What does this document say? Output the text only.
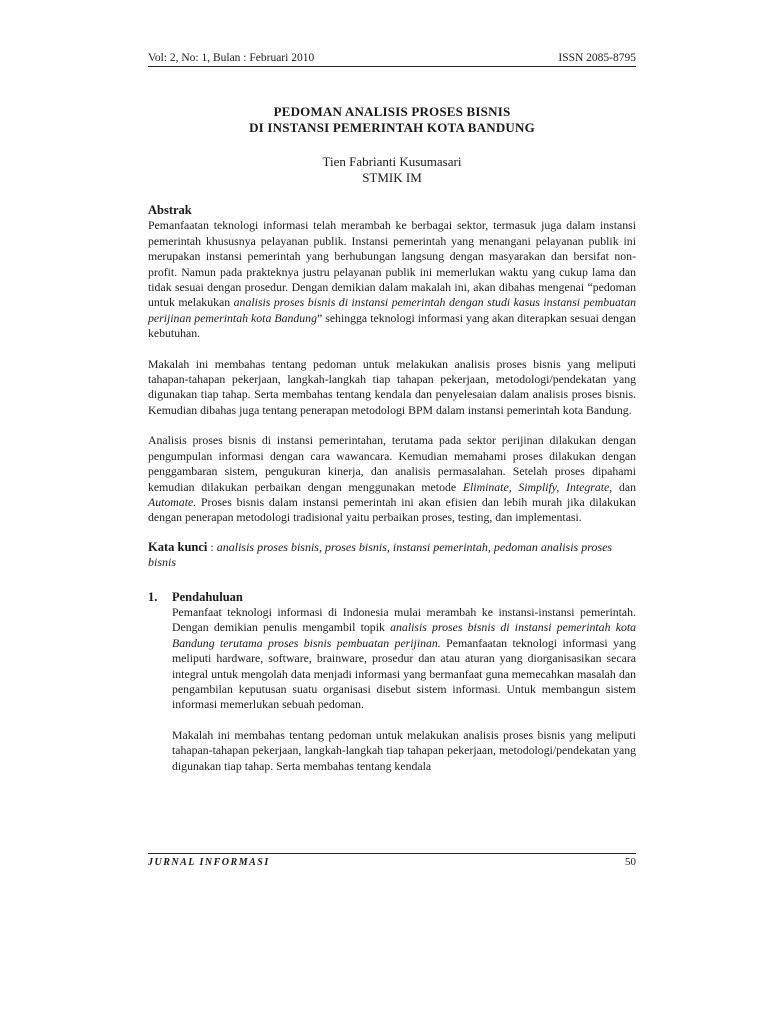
Vol: 2, No: 1, Bulan : Februari 2010	ISSN 2085-8795
PEDOMAN ANALISIS PROSES BISNIS
DI INSTANSI PEMERINTAH KOTA BANDUNG
Tien Fabrianti Kusumasari
STMIK IM
Abstrak

Pemanfaatan teknologi informasi telah merambah ke berbagai sektor, termasuk juga dalam instansi pemerintah khususnya pelayanan publik. Instansi pemerintah yang menangani pelayanan publik ini merupakan instansi pemerintah yang berhubungan langsung dengan masyarakan dan bersifat non-profit. Namun pada prakteknya justru pelayanan publik ini memerlukan waktu yang cukup lama dan tidak sesuai dengan prosedur. Dengan demikian dalam makalah ini, akan dibahas mengenai “pedoman untuk melakukan analisis proses bisnis di instansi pemerintah dengan studi kasus instansi pembuatan perijinan pemerintah kota Bandung” sehingga teknologi informasi yang akan diterapkan sesuai dengan kebutuhan.

Makalah ini membahas tentang pedoman untuk melakukan analisis proses bisnis yang meliputi tahapan-tahapan pekerjaan, langkah-langkah tiap tahapan pekerjaan, metodologi/pendekatan yang digunakan tiap tahap. Serta membahas tentang kendala dan penyelesaian dalam analisis proses bisnis. Kemudian dibahas juga tentang penerapan metodologi BPM dalam instansi pemerintah kota Bandung.

Analisis proses bisnis di instansi pemerintahan, terutama pada sektor perijinan dilakukan dengan pengumpulan informasi dengan cara wawancara. Kemudian memahami proses dilakukan dengan penggambaran sistem, pengukuran kinerja, dan analisis permasalahan. Setelah proses dipahami kemudian dilakukan perbaikan dengan menggunakan metode Eliminate, Simplify, Integrate, dan Automate. Proses bisnis dalam instansi pemerintah ini akan efisien dan lebih murah jika dilakukan dengan penerapan metodologi tradisional yaitu perbaikan proses, testing, dan implementasi.

Kata kunci : analisis proses bisnis, proses bisnis, instansi pemerintah, pedoman analisis proses bisnis
1.	Pendahuluan

Pemanfaat teknologi informasi di Indonesia mulai merambah ke instansi-instansi pemerintah. Dengan demikian penulis mengambil topik analisis proses bisnis di instansi pemerintah kota Bandung terutama proses bisnis pembuatan perijinan. Pemanfaatan teknologi informasi yang meliputi hardware, software, brainware, prosedur dan atau aturan yang diorganisasikan secara integral untuk mengolah data menjadi informasi yang bermanfaat guna memecahkan masalah dan pengambilan keputusan suatu organisasi disebut sistem informasi. Untuk membangun sistem informasi memerlukan sebuah pedoman.

Makalah ini membahas tentang pedoman untuk melakukan analisis proses bisnis yang meliputi tahapan-tahapan pekerjaan, langkah-langkah tiap tahapan pekerjaan, metodologi/pendekatan yang digunakan tiap tahap. Serta membahas tentang kendala

JURNAL INFORMASI	50
